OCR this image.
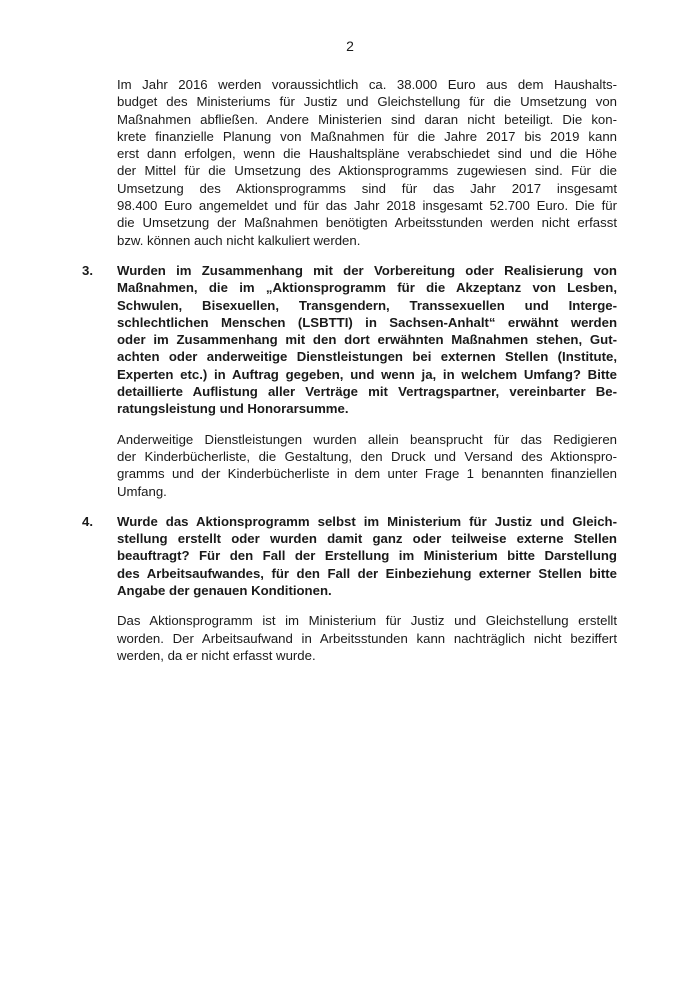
2
Im Jahr 2016 werden voraussichtlich ca. 38.000 Euro aus dem Haushalts-
budget des Ministeriums für Justiz und Gleichstellung für die Umsetzung von
Maßnahmen abfließen. Andere Ministerien sind daran nicht beteiligt. Die kon-
krete finanzielle Planung von Maßnahmen für die Jahre 2017 bis 2019 kann
erst dann erfolgen, wenn die Haushaltspläne verabschiedet sind und die Höhe
der Mittel für die Umsetzung des Aktionsprogramms zugewiesen sind. Für die
Umsetzung des Aktionsprogramms sind für das Jahr 2017 insgesamt
98.400 Euro angemeldet und für das Jahr 2018 insgesamt 52.700 Euro. Die für
die Umsetzung der Maßnahmen benötigten Arbeitsstunden werden nicht erfasst
bzw. können auch nicht kalkuliert werden.
3. Wurden im Zusammenhang mit der Vorbereitung oder Realisierung von
Maßnahmen, die im „Aktionsprogramm für die Akzeptanz von Lesben,
Schwulen, Bisexuellen, Transgendern, Transsexuellen und Interge-
schlechtlichen Menschen (LSBTTI) in Sachsen-Anhalt“ erwähnt werden
oder im Zusammenhang mit den dort erwähnten Maßnahmen stehen, Gut-
achten oder anderweitige Dienstleistungen bei externen Stellen (Institute,
Experten etc.) in Auftrag gegeben, und wenn ja, in welchem Umfang? Bitte
detaillierte Auflistung aller Verträge mit Vertragspartner, vereinbarter Be-
ratungsleistung und Honorarsumme.
Anderweitige Dienstleistungen wurden allein beansprucht für das Redigieren
der Kinderbücherliste, die Gestaltung, den Druck und Versand des Aktionspro-
gramms und der Kinderbücherliste in dem unter Frage 1 benannten finanziellen
Umfang.
4. Wurde das Aktionsprogramm selbst im Ministerium für Justiz und Gleich-
stellung erstellt oder wurden damit ganz oder teilweise externe Stellen
beauftragt? Für den Fall der Erstellung im Ministerium bitte Darstellung
des Arbeitsaufwandes, für den Fall der Einbeziehung externer Stellen bitte
Angabe der genauen Konditionen.
Das Aktionsprogramm ist im Ministerium für Justiz und Gleichstellung erstellt
worden. Der Arbeitsaufwand in Arbeitsstunden kann nachträglich nicht beziffert
werden, da er nicht erfasst wurde.
